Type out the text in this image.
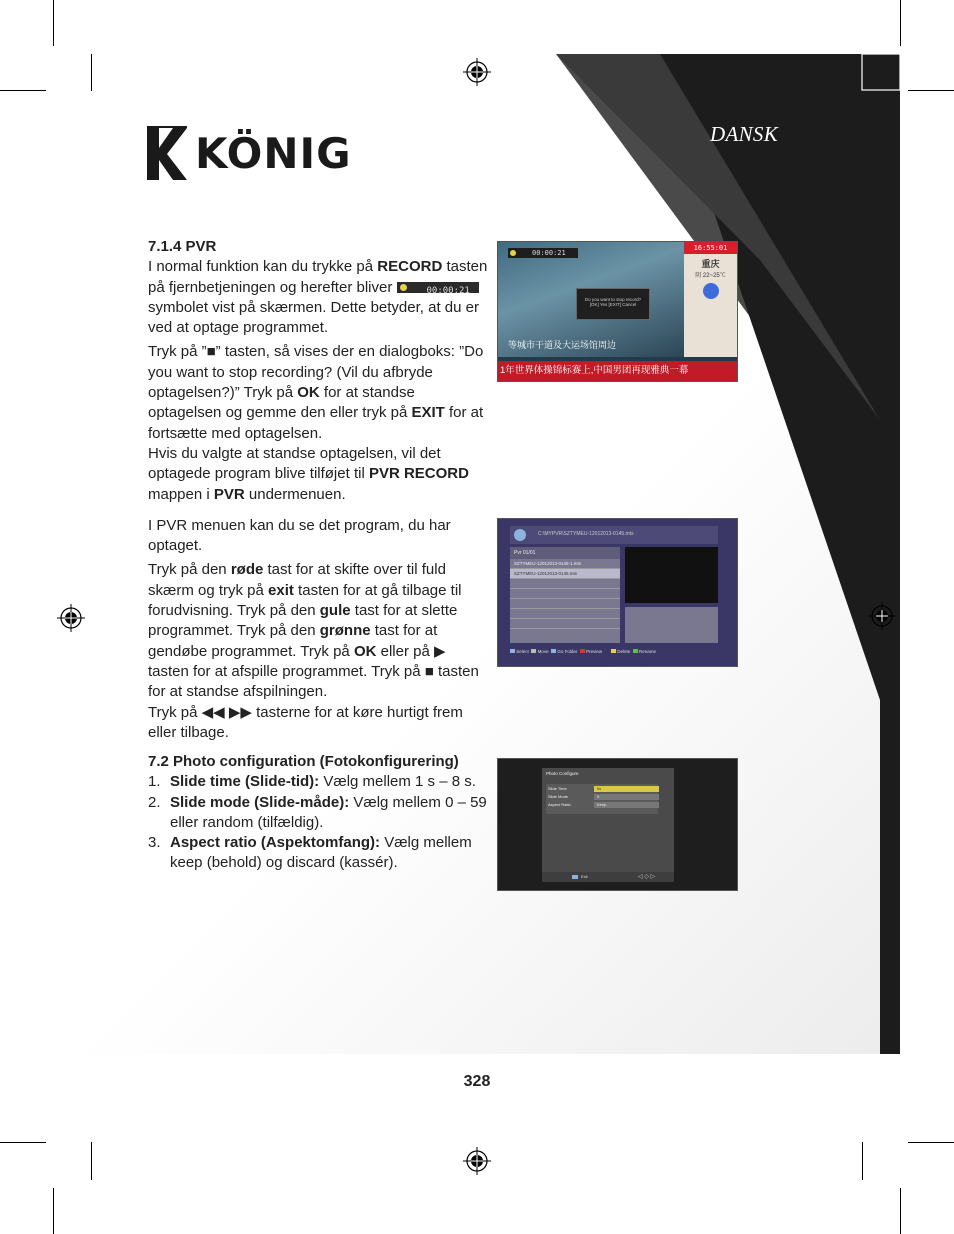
KÖNIG	DANSK

7.1.4 PVR

I normal funktion kan du trykke på RECORD tasten på fjernbetjeningen og herefter bliver	00:00:21
symbolet vist på skærmen. Dette betyder, at du er ved at optage programmet.

Tryk på ”■” tasten, så vises der en dialogboks: ”Do you want to stop recording? (Vil du afbryde optagelsen?)” Tryk på OK for at standse optagelsen og gemme den eller tryk på EXIT for at fortsætte med optagelsen.

Hvis du valgte at standse optagelsen, vil det optagede program blive tilføjet til PVR RECORD mappen i PVR undermenuen.

I PVR menuen kan du se det program, du har optaget.

Tryk på den røde tast for at skifte over til fuld skærm og tryk på exit tasten for at gå tilbage til forudvisning. Tryk på den gule tast for at slette programmet. Tryk på den grønne tast for at gendøbe programmet. Tryk på OK eller på ▶ tasten for at afspille programmet. Tryk på ■ tasten for at standse afspilningen.

Tryk på ◀◀ ▶▶ tasterne for at køre hurtigt frem eller tilbage.

7.2 Photo configuration (Fotokonfigurering)

1. Slide time (Slide-tid): Vælg mellem 1 s – 8 s.
2. Slide mode (Slide-måde): Vælg mellem 0 – 59 eller random (tilfældig).
3. Aspect ratio (Aspektomfang): Vælg mellem keep (behold) og discard (kassér).
00:00:21
Do you want to stop record?
[OK] Yes [EXIT] Cancel
等城市干道及大运场馆周边
16:55:01
重庆
阴 22~25℃
1年世界体操锦标赛上,中国男团再现雅典一幕
C:\MYPVR\SZTYMEU-12012013-0145.mts
Pvr 01/01
SZTYMEU-12012013-0145-1.mts
SZTYMEU-12012013-0145.mts
Select Move Go Folder Preview	Delete Rename
Photo Configure
Slide Time	5s
Slide Mode	0
Aspect Ratio	Keep
Exit	◁ ◇ ▷
328
